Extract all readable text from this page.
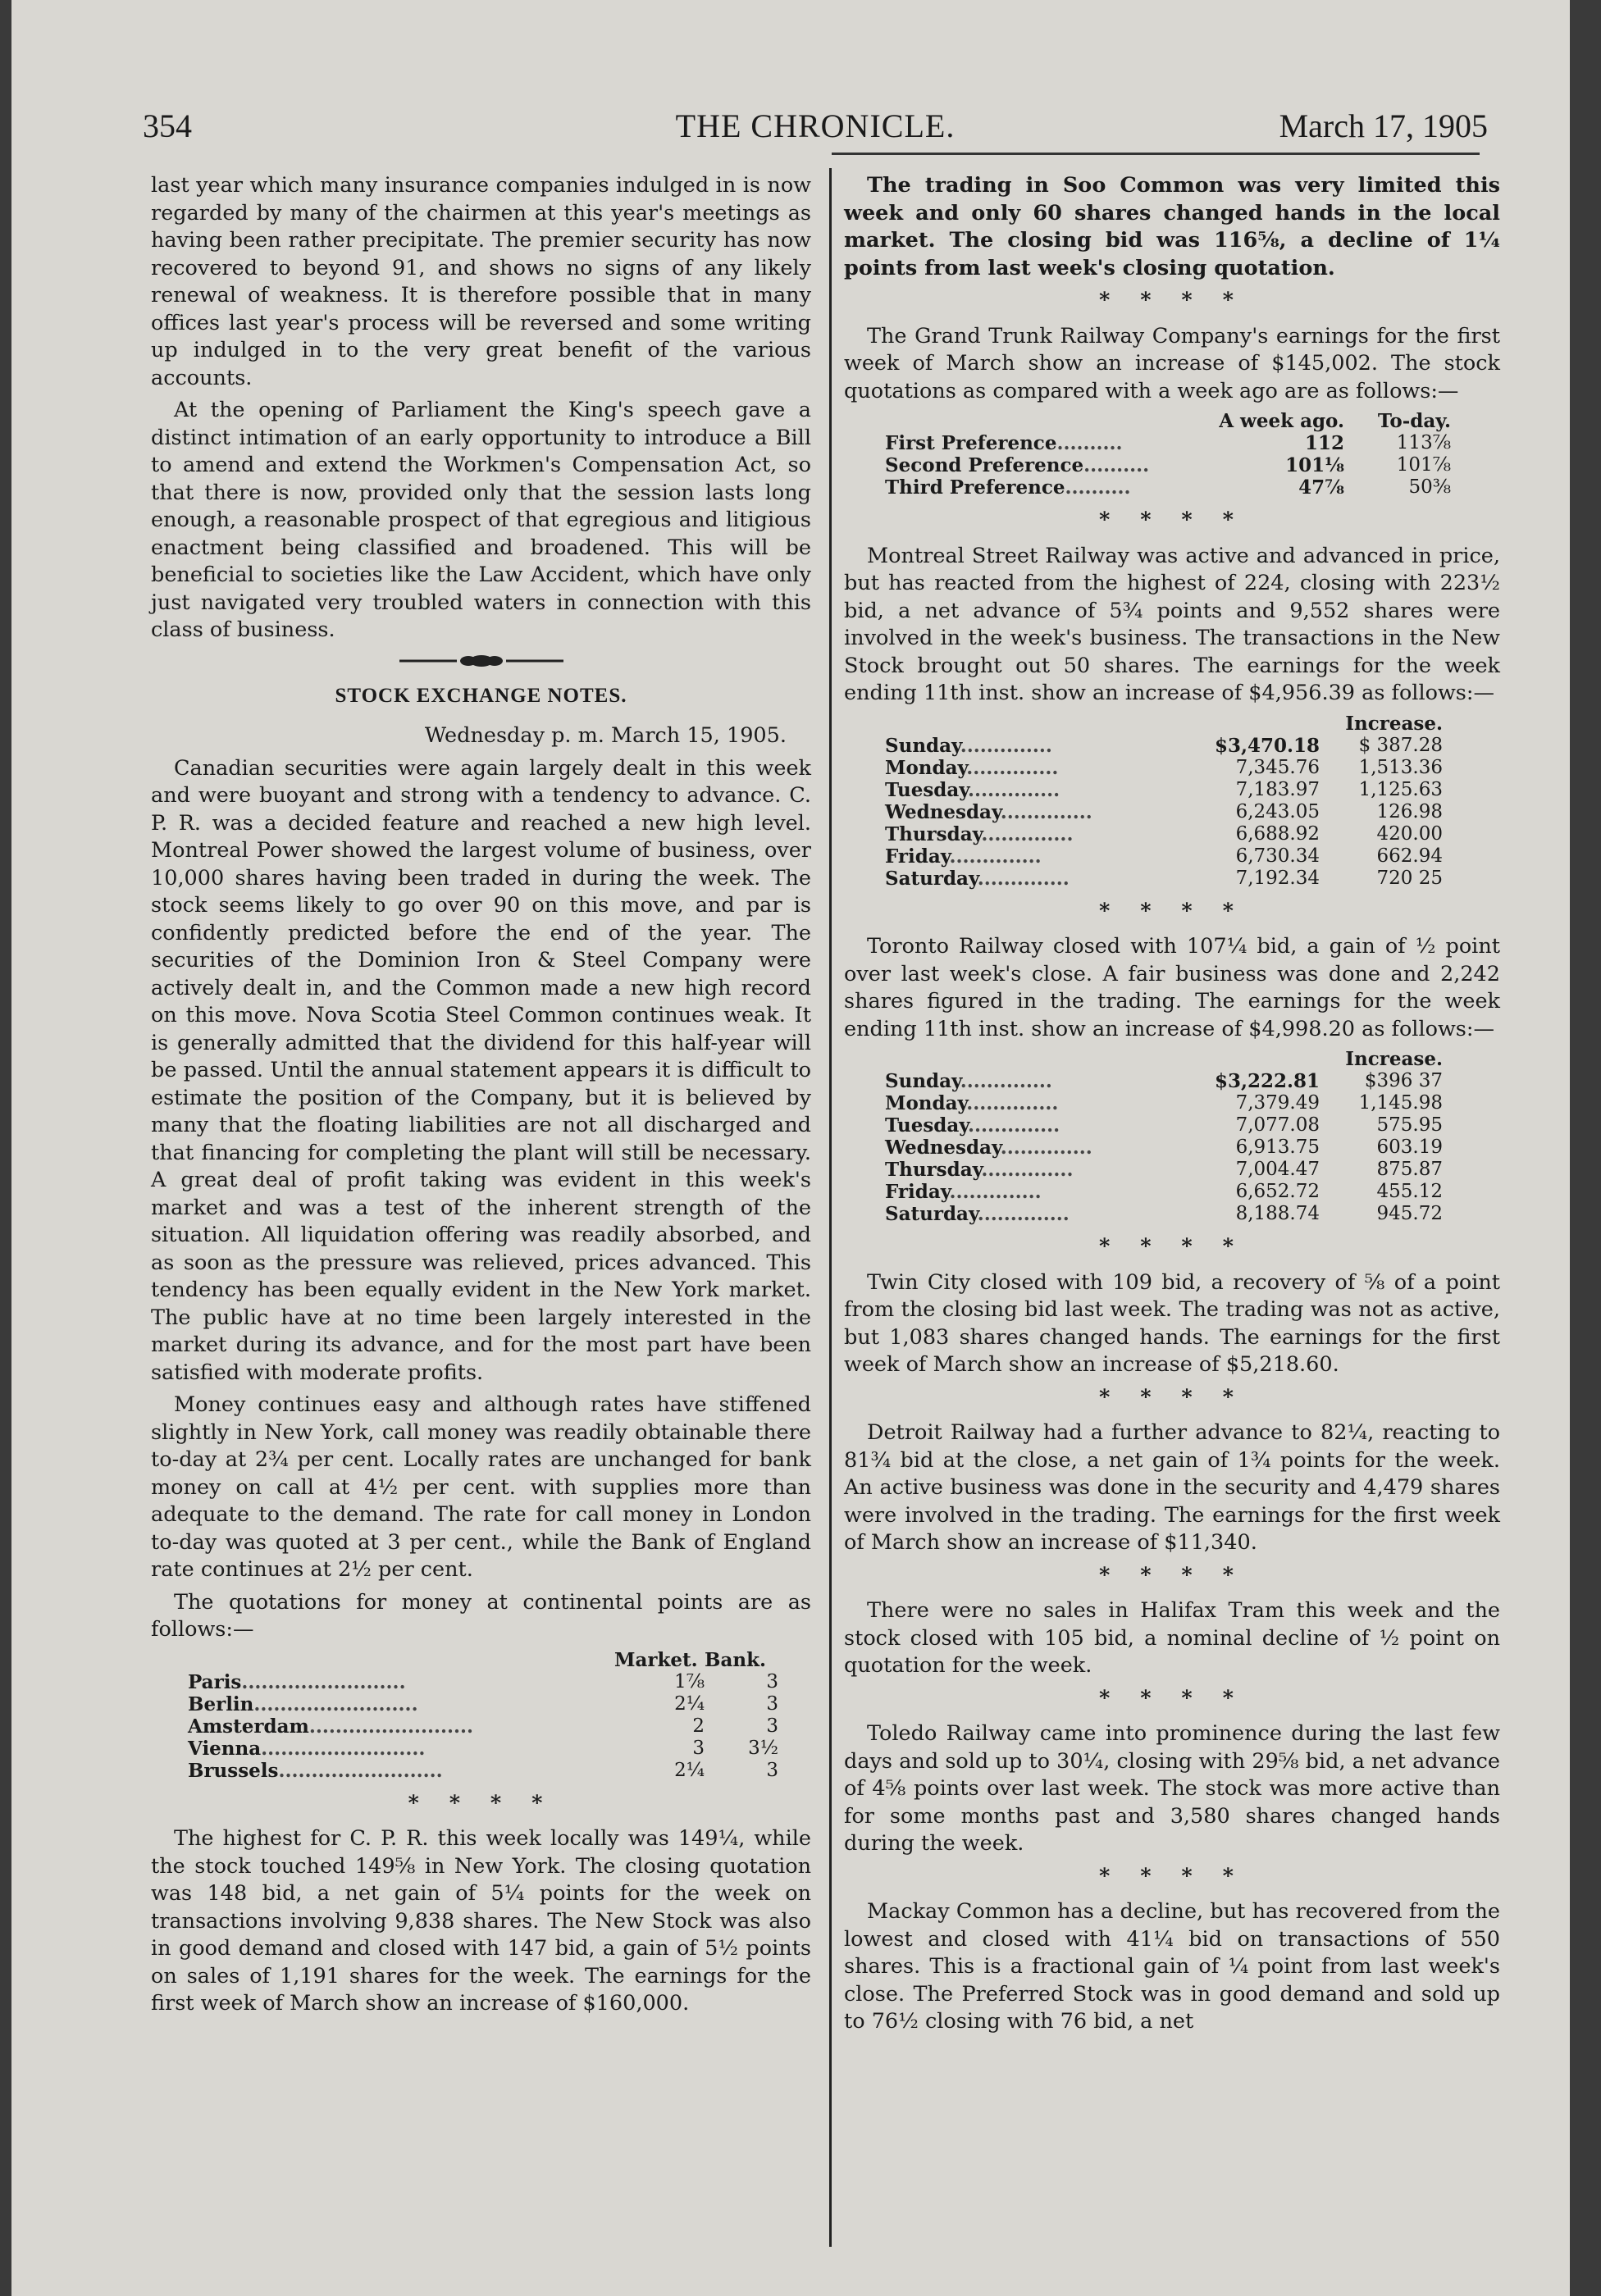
354	THE CHRONICLE.	March 17, 1905

last year which many insurance companies indulged in is now regarded by many of the chairmen at this year's meetings as having been rather precipitate. The premier security has now recovered to beyond 91, and shows no signs of any likely renewal of weakness. It is therefore possible that in many offices last year's process will be reversed and some writing up indulged in to the very great benefit of the various accounts.

At the opening of Parliament the King's speech gave a distinct intimation of an early opportunity to introduce a Bill to amend and extend the Workmen's Compensation Act, so that there is now, provided only that the session lasts long enough, a reasonable prospect of that egregious and litigious enactment being classified and broadened. This will be beneficial to societies like the Law Accident, which have only just navigated very troubled waters in connection with this class of business.

STOCK EXCHANGE NOTES.
Wednesday p. m. March 15, 1905.

Canadian securities were again largely dealt in this week and were buoyant and strong with a tendency to advance. C. P. R. was a decided feature and reached a new high level. Montreal Power showed the largest volume of business, over 10,000 shares having been traded in during the week. The stock seems likely to go over 90 on this move, and par is confidently predicted before the end of the year. The securities of the Dominion Iron & Steel Company were actively dealt in, and the Common made a new high record on this move. Nova Scotia Steel Common continues weak. It is generally admitted that the dividend for this half-year will be passed. Until the annual statement appears it is difficult to estimate the position of the Company, but it is believed by many that the floating liabilities are not all discharged and that financing for completing the plant will still be necessary. A great deal of profit taking was evident in this week's market and was a test of the inherent strength of the situation. All liquidation offering was readily absorbed, and as soon as the pressure was relieved, prices advanced. This tendency has been equally evident in the New York market. The public have at no time been largely interested in the market during its advance, and for the most part have been satisfied with moderate profits.

Money continues easy and although rates have stiffened slightly in New York, call money was readily obtainable there to-day at 2¾ per cent. Locally rates are unchanged for bank money on call at 4½ per cent. with supplies more than adequate to the demand. The rate for call money in London to-day was quoted at 3 per cent., while the Bank of England rate continues at 2½ per cent.

The quotations for money at continental points are as follows:—

	Market.	Bank.
Paris.........................	1⅞	3
Berlin.........................	2¼	3
Amsterdam.........................	2	3
Vienna.........................	3	3½
Brussels.........................	2¼	3
* * * *

The highest for C. P. R. this week locally was 149¼, while the stock touched 149⅝ in New York. The closing quotation was 148 bid, a net gain of 5¼ points for the week on transactions involving 9,838 shares. The New Stock was also in good demand and closed with 147 bid, a gain of 5½ points on sales of 1,191 shares for the week. The earnings for the first week of March show an increase of $160,000.

The trading in Soo Common was very limited this week and only 60 shares changed hands in the local market. The closing bid was 116⅝, a decline of 1¼ points from last week's closing quotation.

* * * *

The Grand Trunk Railway Company's earnings for the first week of March show an increase of $145,002. The stock quotations as compared with a week ago are as follows:—

	A week ago.	To-day.
First Preference..........	112	113⅞
Second Preference..........	101⅛	101⅞
Third Preference..........	47⅞	50⅜
* * * *

Montreal Street Railway was active and advanced in price, but has reacted from the highest of 224, closing with 223½ bid, a net advance of 5¾ points and 9,552 shares were involved in the week's business. The transactions in the New Stock brought out 50 shares. The earnings for the week ending 11th inst. show an increase of $4,956.39 as follows:—

		Increase.
Sunday..............	$3,470.18	$ 387.28
Monday..............	7,345.76	1,513.36
Tuesday..............	7,183.97	1,125.63
Wednesday..............	6,243.05	126.98
Thursday..............	6,688.92	420.00
Friday..............	6,730.34	662.94
Saturday..............	7,192.34	720 25
* * * *

Toronto Railway closed with 107¼ bid, a gain of ½ point over last week's close. A fair business was done and 2,242 shares figured in the trading. The earnings for the week ending 11th inst. show an increase of $4,998.20 as follows:—

		Increase.
Sunday..............	$3,222.81	$396 37
Monday..............	7,379.49	1,145.98
Tuesday..............	7,077.08	575.95
Wednesday..............	6,913.75	603.19
Thursday..............	7,004.47	875.87
Friday..............	6,652.72	455.12
Saturday..............	8,188.74	945.72
* * * *

Twin City closed with 109 bid, a recovery of ⅝ of a point from the closing bid last week. The trading was not as active, but 1,083 shares changed hands. The earnings for the first week of March show an increase of $5,218.60.

* * * *

Detroit Railway had a further advance to 82¼, reacting to 81¾ bid at the close, a net gain of 1¾ points for the week. An active business was done in the security and 4,479 shares were involved in the trading. The earnings for the first week of March show an increase of $11,340.

* * * *

There were no sales in Halifax Tram this week and the stock closed with 105 bid, a nominal decline of ½ point on quotation for the week.

* * * *

Toledo Railway came into prominence during the last few days and sold up to 30¼, closing with 29⅝ bid, a net advance of 4⅝ points over last week. The stock was more active than for some months past and 3,580 shares changed hands during the week.

* * * *

Mackay Common has a decline, but has recovered from the lowest and closed with 41¼ bid on transactions of 550 shares. This is a fractional gain of ¼ point from last week's close. The Preferred Stock was in good demand and sold up to 76½ closing with 76 bid, a net
